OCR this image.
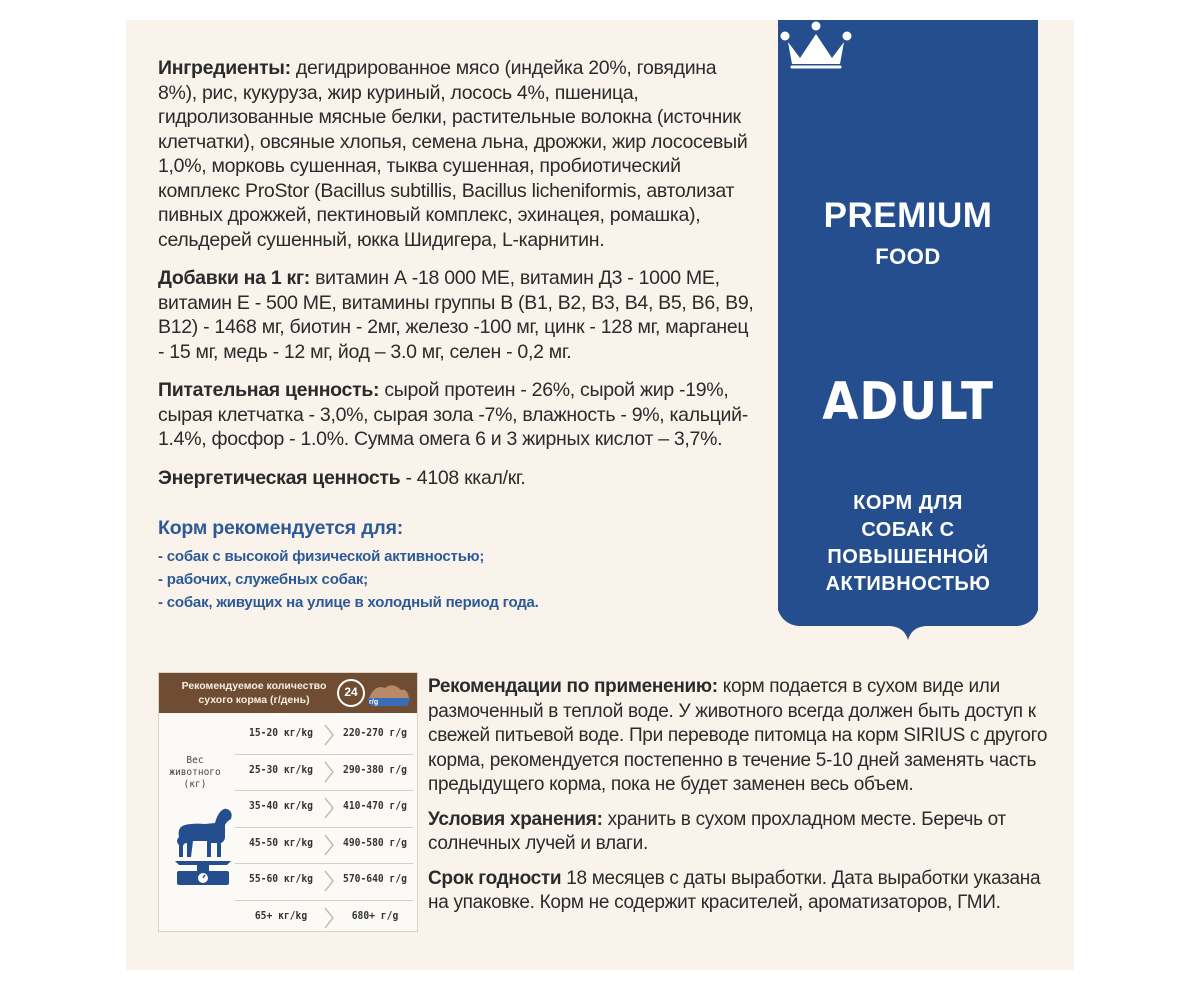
Ингредиенты: дегидрированное мясо (индейка 20%, говядина 8%), рис, кукуруза, жир куриный, лосось 4%, пшеница, гидролизованные мясные белки, растительные волокна (источник клетчатки), овсяные хлопья, семена льна, дрожжи, жир лососевый 1,0%, морковь сушенная, тыква сушенная, пробиотический комплекс ProStor (Bacillus subtillis, Bacillus licheniformis, автолизат пивных дрожжей, пектиновый комплекс, эхинацея, ромашка), сельдерей сушенный, юкка Шидигера, L-карнитин.

Добавки на 1 кг: витамин А -18 000 МЕ, витамин Д3 - 1000 МЕ, витамин Е - 500 МЕ, витамины группы В (В1, В2, В3, В4, В5, В6, В9, В12) - 1468 мг, биотин - 2мг, железо -100 мг, цинк - 128 мг, марганец - 15 мг, медь - 12 мг, йод – 3.0 мг, селен - 0,2 мг.

Питательная ценность: сырой протеин - 26%, сырой жир -19%, сырая клетчатка - 3,0%, сырая зола -7%, влажность - 9%, кальций- 1.4%, фосфор - 1.0%. Сумма омега 6 и 3 жирных кислот – 3,7%.

Энергетическая ценность - 4108 ккал/кг.

Корм рекомендуется для:
- собак с высокой физической активностью;
- рабочих, служебных собак;
- собак, живущих на улице в холодный период года.
PREMIUM
FOOD
ADULT
КОРМ ДЛЯ
СОБАК С ПОВЫШЕННОЙ
АКТИВНОСТЬЮ
Рекомендуемое количество
сухого корма (г/день)
24
г/g
Вес
животного
(кг)
15-20 кг/kg	220-270 г/g
25-30 кг/kg	290-380 г/g
35-40 кг/kg	410-470 г/g
45-50 кг/kg	490-580 г/g
55-60 кг/kg	570-640 г/g
65+ кг/kg	680+ г/g

Рекомендации по применению: корм подается в сухом виде или размоченный в теплой воде. У животного всегда должен быть доступ к свежей питьевой воде. При переводе питомца на корм SIRIUS с другого корма, рекомендуется постепенно в течение 5-10 дней заменять часть предыдущего корма, пока не будет заменен весь объем.

Условия хранения: хранить в сухом прохладном месте. Беречь от солнечных лучей и влаги.

Срок годности 18 месяцев с даты выработки. Дата выработки указана на упаковке. Корм не содержит красителей, ароматизаторов, ГМИ.
